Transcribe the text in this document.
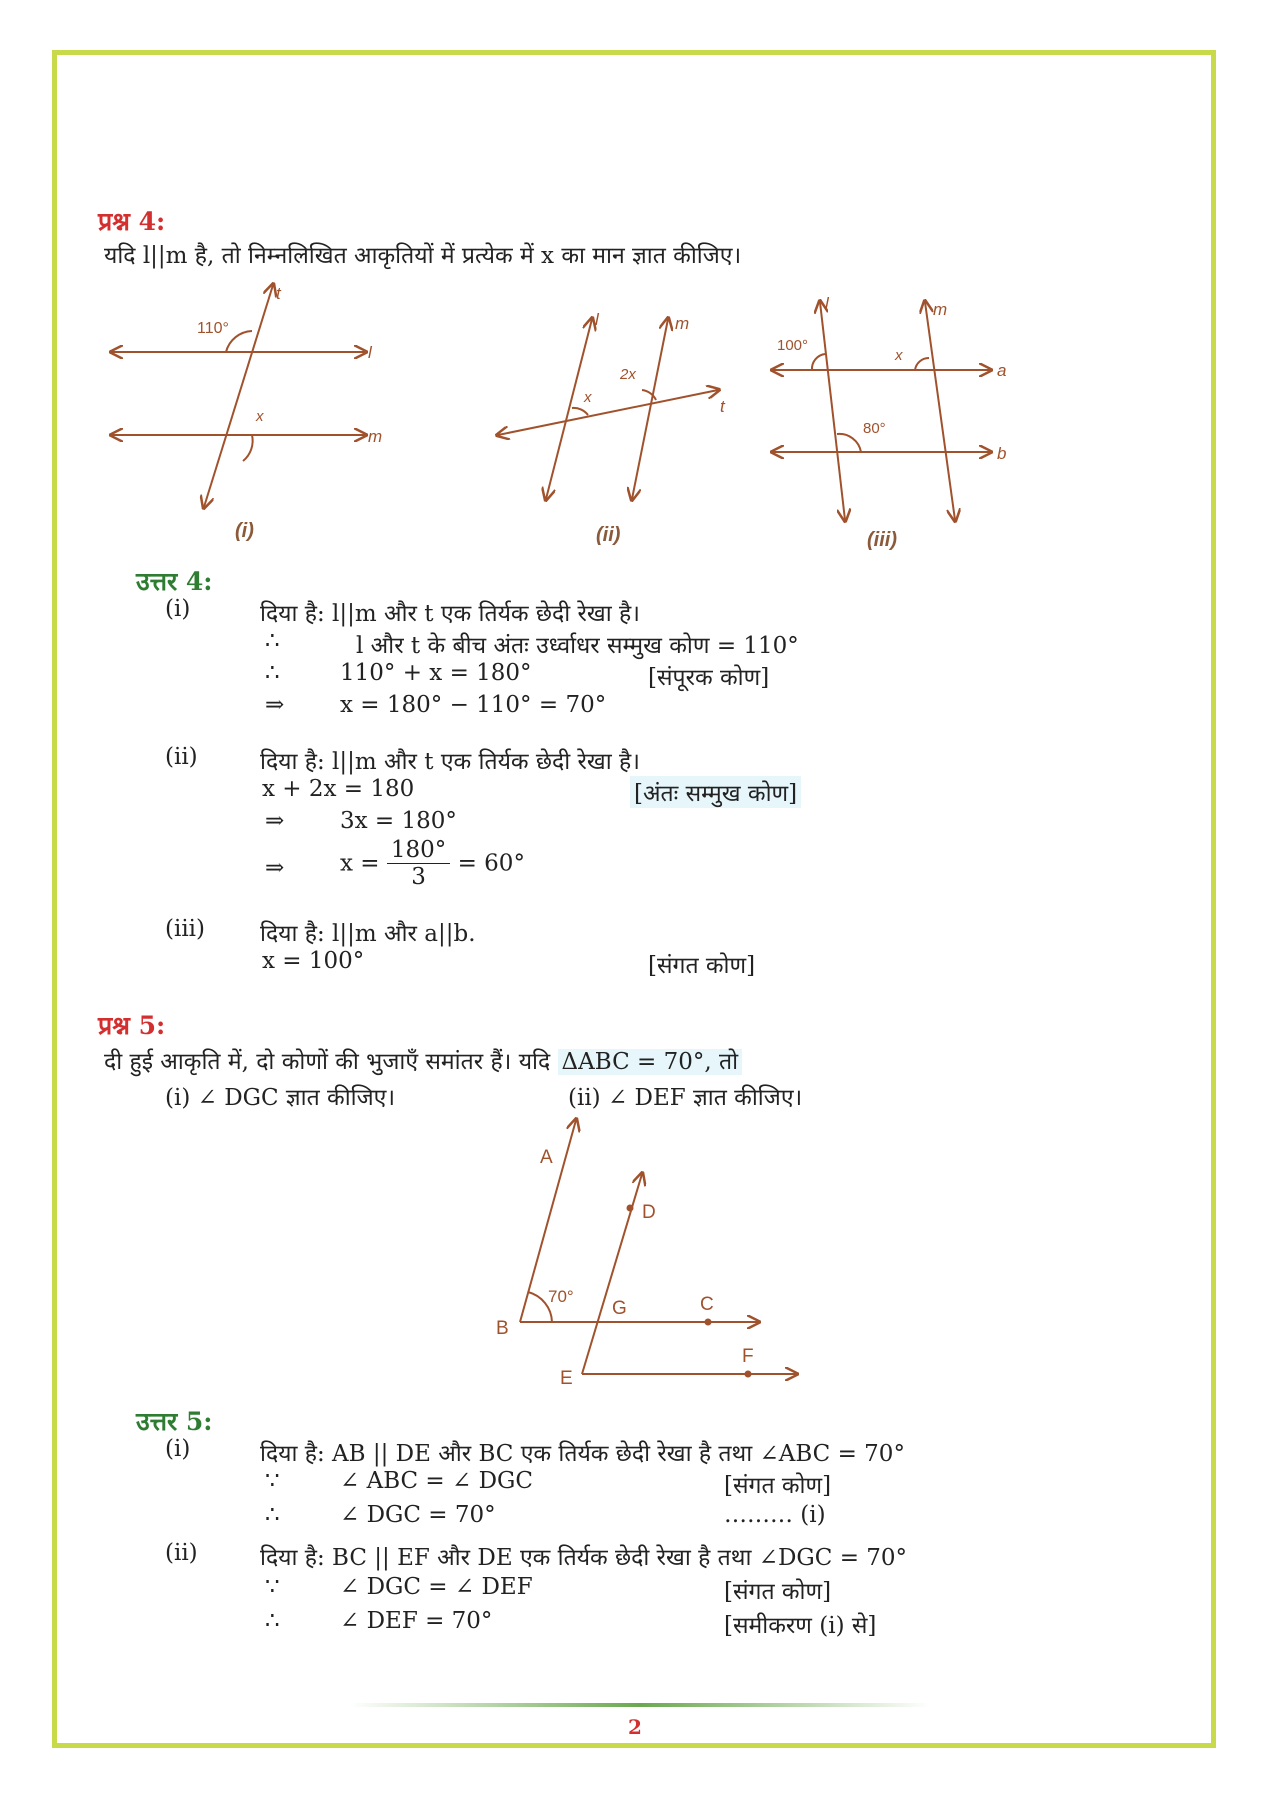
प्रश्न 4:
यदि l||m है, तो निम्नलिखित आकृतियों में प्रत्येक में x का मान ज्ञात कीजिए।
110°
x
t
l
m
(i)
l	m
t
x
2x
(ii)
l	m
a
b
100°
80°
x
(iii)
उत्तर 4:
(i)	दिया है: l||m और t एक तिर्यक छेदी रेखा है।
∴	l और t के बीच अंतः उर्ध्वाधर सम्मुख कोण = 110°
∴	110° + x = 180°	[संपूरक कोण]
⇒ x = 180° − 110° = 70°
(ii)	दिया है: l||m और t एक तिर्यक छेदी रेखा है।
x + 2x = 180	[अंतः सम्मुख कोण]
⇒ 3x = 180°
⇒ $x = \frac{180^\circ}{3} = 60^\circ$
(iii) दिया है: l||m और a||b.
x = 100°	[संगत कोण]
प्रश्न 5:
दी हुई आकृति में, दो कोणों की भुजाएँ समांतर हैं। यदि ΔABC = 70°, तो
(i) ∠ DGC ज्ञात कीजिए।	(ii) ∠ DEF ज्ञात कीजिए।
A
B
C
D
E
F
G
70°
उत्तर 5:
(i)	दिया है: AB || DE और BC एक तिर्यक छेदी रेखा है तथा ∠ABC = 70°
∵	∠ ABC = ∠ DGC	[संगत कोण]
∴	∠ DGC = 70°	……… (i)
(ii)	दिया है: BC || EF और DE एक तिर्यक छेदी रेखा है तथा ∠DGC = 70°
∵	∠ DGC = ∠ DEF	[संगत कोण]
∴	∠ DEF = 70°	[समीकरण (i) से]
2
